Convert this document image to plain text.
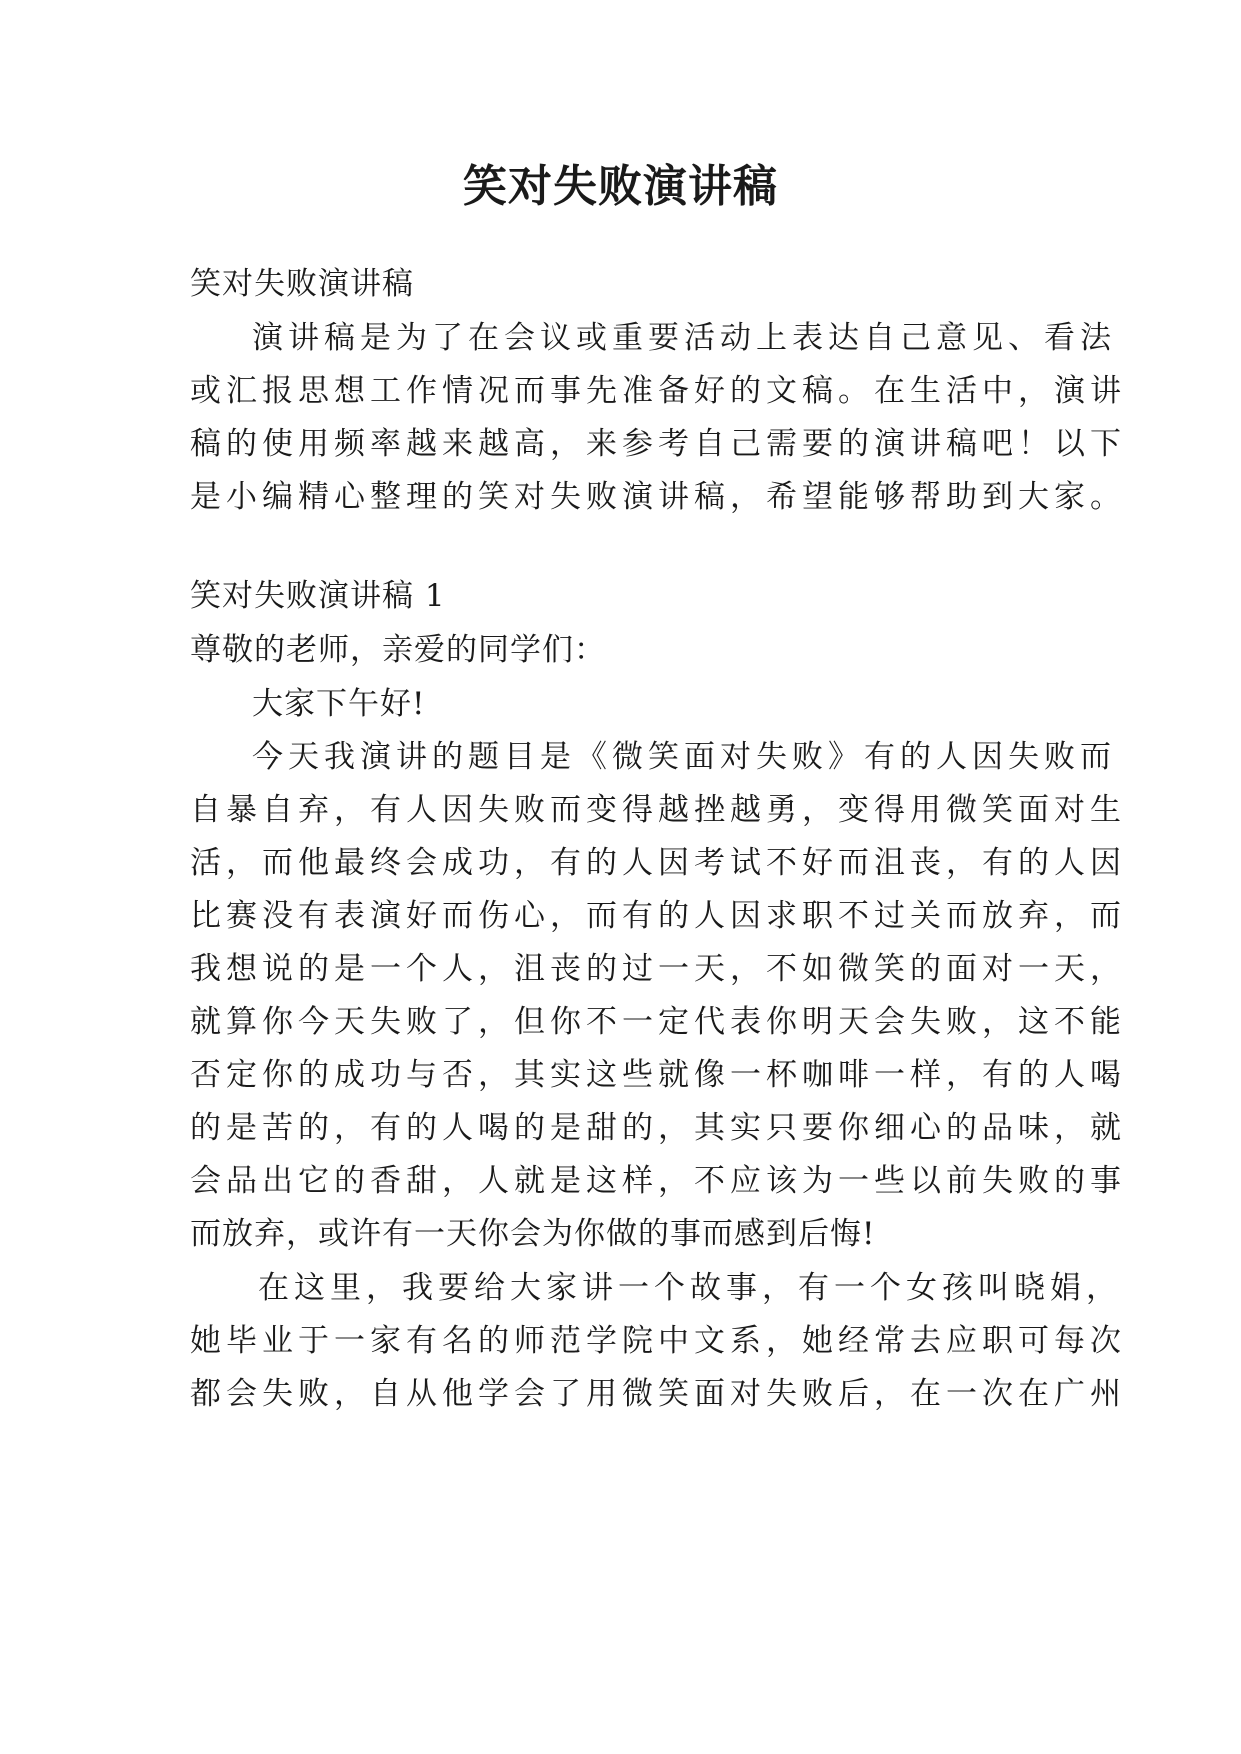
笑对失败演讲稿

笑对失败演讲稿

演讲稿是为了在会议或重要活动上表达自己意见、看法

或汇报思想工作情况而事先准备好的文稿。在生活中，演讲

稿的使用频率越来越高，来参考自己需要的演讲稿吧！以下

是小编精心整理的笑对失败演讲稿，希望能够帮助到大家。

笑对失败演讲稿 1

尊敬的老师，亲爱的同学们：

大家下午好!

今天我演讲的题目是《微笑面对失败》有的人因失败而

自暴自弃，有人因失败而变得越挫越勇，变得用微笑面对生

活，而他最终会成功，有的人因考试不好而沮丧，有的人因

比赛没有表演好而伤心，而有的人因求职不过关而放弃，而

我想说的是一个人，沮丧的过一天，不如微笑的面对一天，

就算你今天失败了，但你不一定代表你明天会失败，这不能

否定你的成功与否，其实这些就像一杯咖啡一样，有的人喝

的是苦的，有的人喝的是甜的，其实只要你细心的品味，就

会品出它的香甜，人就是这样，不应该为一些以前失败的事

而放弃，或许有一天你会为你做的事而感到后悔!

在这里，我要给大家讲一个故事，有一个女孩叫晓娟，

她毕业于一家有名的师范学院中文系，她经常去应职可每次

都会失败，自从他学会了用微笑面对失败后，在一次在广州
